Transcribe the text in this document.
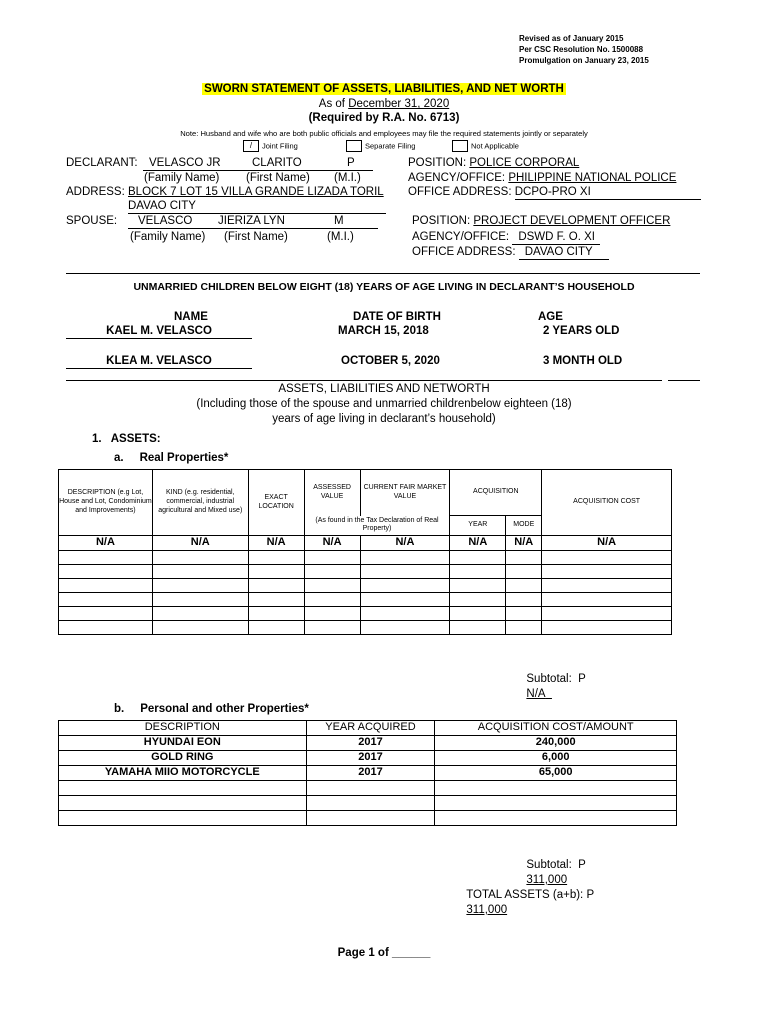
Revised as of January 2015
Per CSC Resolution No. 1500088
Promulgation on January 23, 2015
SWORN STATEMENT OF ASSETS, LIABILITIES, AND NET WORTH
As of December 31, 2020
(Required by R.A. No. 6713)
Note: Husband and wife who are both public officials and employees may file the required statements jointly or separately
/ Joint Filing	Separate Filing	Not Applicable
DECLARANT: VELASCO JR	CLARITO	P

(Family Name) (First Name) (M.I.)
POSITION: POLICE CORPORAL
AGENCY/OFFICE: PHILIPPINE NATIONAL POLICE
ADDRESS: BLOCK 7 LOT 15 VILLA GRANDE LIZADA TORIL
DAVAO CITY
OFFICE ADDRESS: DCPO-PRO XI
SPOUSE: VELASCO JIERIZA LYN	M

(Family Name) (First Name)	(M.I.)
POSITION: PROJECT DEVELOPMENT OFFICER
AGENCY/OFFICE: DSWD F. O. XI
OFFICE ADDRESS: DAVAO CITY
UNMARRIED CHILDREN BELOW EIGHT (18) YEARS OF AGE LIVING IN DECLARANT’S HOUSEHOLD
NAME	DATE OF BIRTH	AGE
KAEL M. VELASCO	MARCH 15, 2018	2 YEARS OLD
KLEA M. VELASCO	OCTOBER 5, 2020	3 MONTH OLD
ASSETS, LIABILITIES AND NETWORTH
(Including those of the spouse and unmarried childrenbelow eighteen (18)
years of age living in declarant’s household)
1.   ASSETS:
a.     Real Properties*
DESCRIPTION (e.g Lot, House and Lot, Condominium and Improvements)	KIND (e.g. residential, commercial, industrial agricultural and Mixed use)	EXACT LOCATION	ASSESSED VALUE	CURRENT FAIR MARKET VALUE	ACQUISITION		ACQUISITION COST
			(As found in the Tax Declaration of Real Property)		YEAR	MODE	
N/A	N/A	N/A	N/A	N/A	N/A	N/A	N/A

Subtotal:  P
N/A

b.     Personal and other Properties*
DESCRIPTION	YEAR ACQUIRED	ACQUISITION COST/AMOUNT
HYUNDAI EON	2017	240,000
GOLD RING	2017	6,000
YAMAHA MIIO MOTORCYCLE	2017	65,000

Subtotal:  P
311,000

TOTAL ASSETS (a+b): P
311,000

Page 1 of ______
